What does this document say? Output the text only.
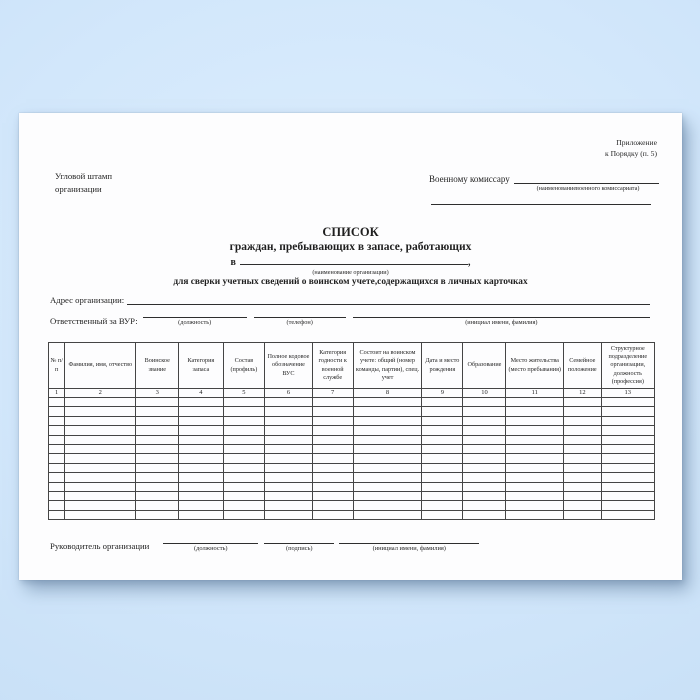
Угловой штамп
организации
Приложение
к Порядку (п. 5)
Военному комиссару
(наименованиевоенного комиссариата)
СПИСОК
граждан, пребывающих в запасе, работающих
в	,
(наименование организации)
для сверки учетных сведений о воинском учете,содержащихся в личных карточках
Адрес организации:
Ответственный за ВУР:	(должность)	(телефон)	(инициал имени, фамилия)
№ п/п	Фамилия, имя, отчество	Воинское звание	Категория запаса	Состав (профиль)	Полное кодовое обозначение ВУС	Категория годности к военной службе	Состоит на воинском учете: общий (номер команды, партии), спец. учет	Дата и место рождения	Образование	Место жительства (место пребывания)	Семейное положение	Структурное подразделение организации, должность (профессия)
1	2	3	4	5	6	7	8	9	10	11	12	13

Руководитель организации	(должность)	(подпись)	(инициал имени, фамилия)
